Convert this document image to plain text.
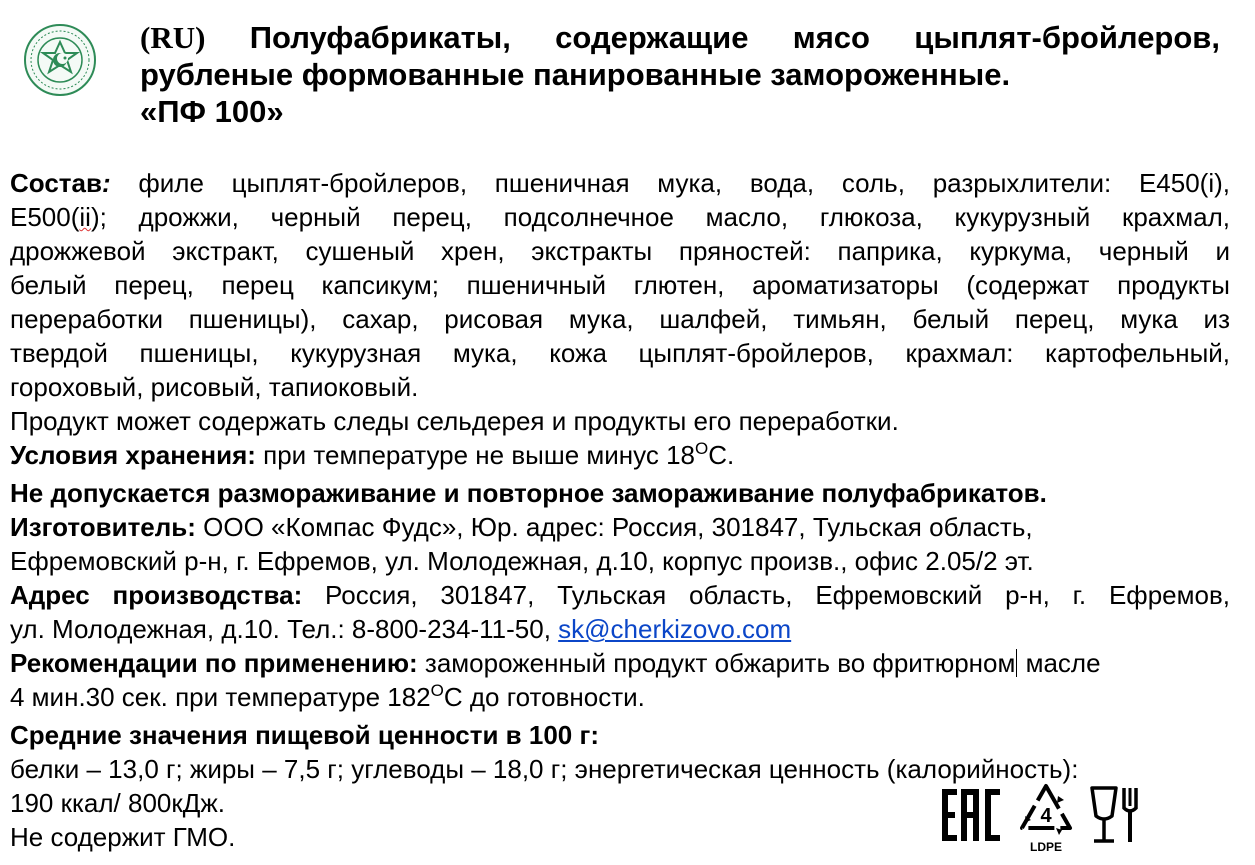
(RU) Полуфабрикаты, содержащие мясо цыплят-бройлеров,
рубленые формованные панированные замороженные.
«ПФ 100»
Состав: филе цыплят-бройлеров, пшеничная мука, вода, соль, разрыхлители: Е450(i),
Е500(ii); дрожжи, черный перец, подсолнечное масло, глюкоза, кукурузный крахмал,
дрожжевой экстракт, сушеный хрен, экстракты пряностей: паприка, куркума, черный и
белый перец, перец капсикум; пшеничный глютен, ароматизаторы (содержат продукты
переработки пшеницы), сахар, рисовая мука, шалфей, тимьян, белый перец, мука из
твердой пшеницы, кукурузная мука, кожа цыплят-бройлеров, крахмал: картофельный,
гороховый, рисовый, тапиоковый.
Продукт может содержать следы сельдерея и продукты его переработки.
Условия хранения: при температуре не выше минус $18^OС$.
Не допускается размораживание и повторное замораживание полуфабрикатов.
Изготовитель: ООО «Компас Фудс», Юр. адрес: Россия, 301847, Тульская область,
Ефремовский р-н, г. Ефремов, ул. Молодежная, д.10, корпус произв., офис 2.05/2 эт.
Адрес производства: Россия, 301847, Тульская область, Ефремовский р-н, г. Ефремов,
ул. Молодежная, д.10. Тел.: 8-800-234-11-50, sk@cherkizovo.com
Рекомендации по применению: замороженный продукт обжарить во фритюрном масле
4 мин.30 сек. при температуре $182^OС$ до готовности.
Средние значения пищевой ценности в 100 г:
белки – 13,0 г; жиры – 7,5 г; углеводы – 18,0 г; энергетическая ценность (калорийность):
190 ккал/ 800кДж.
Не содержит ГМО.
4
LDPE
